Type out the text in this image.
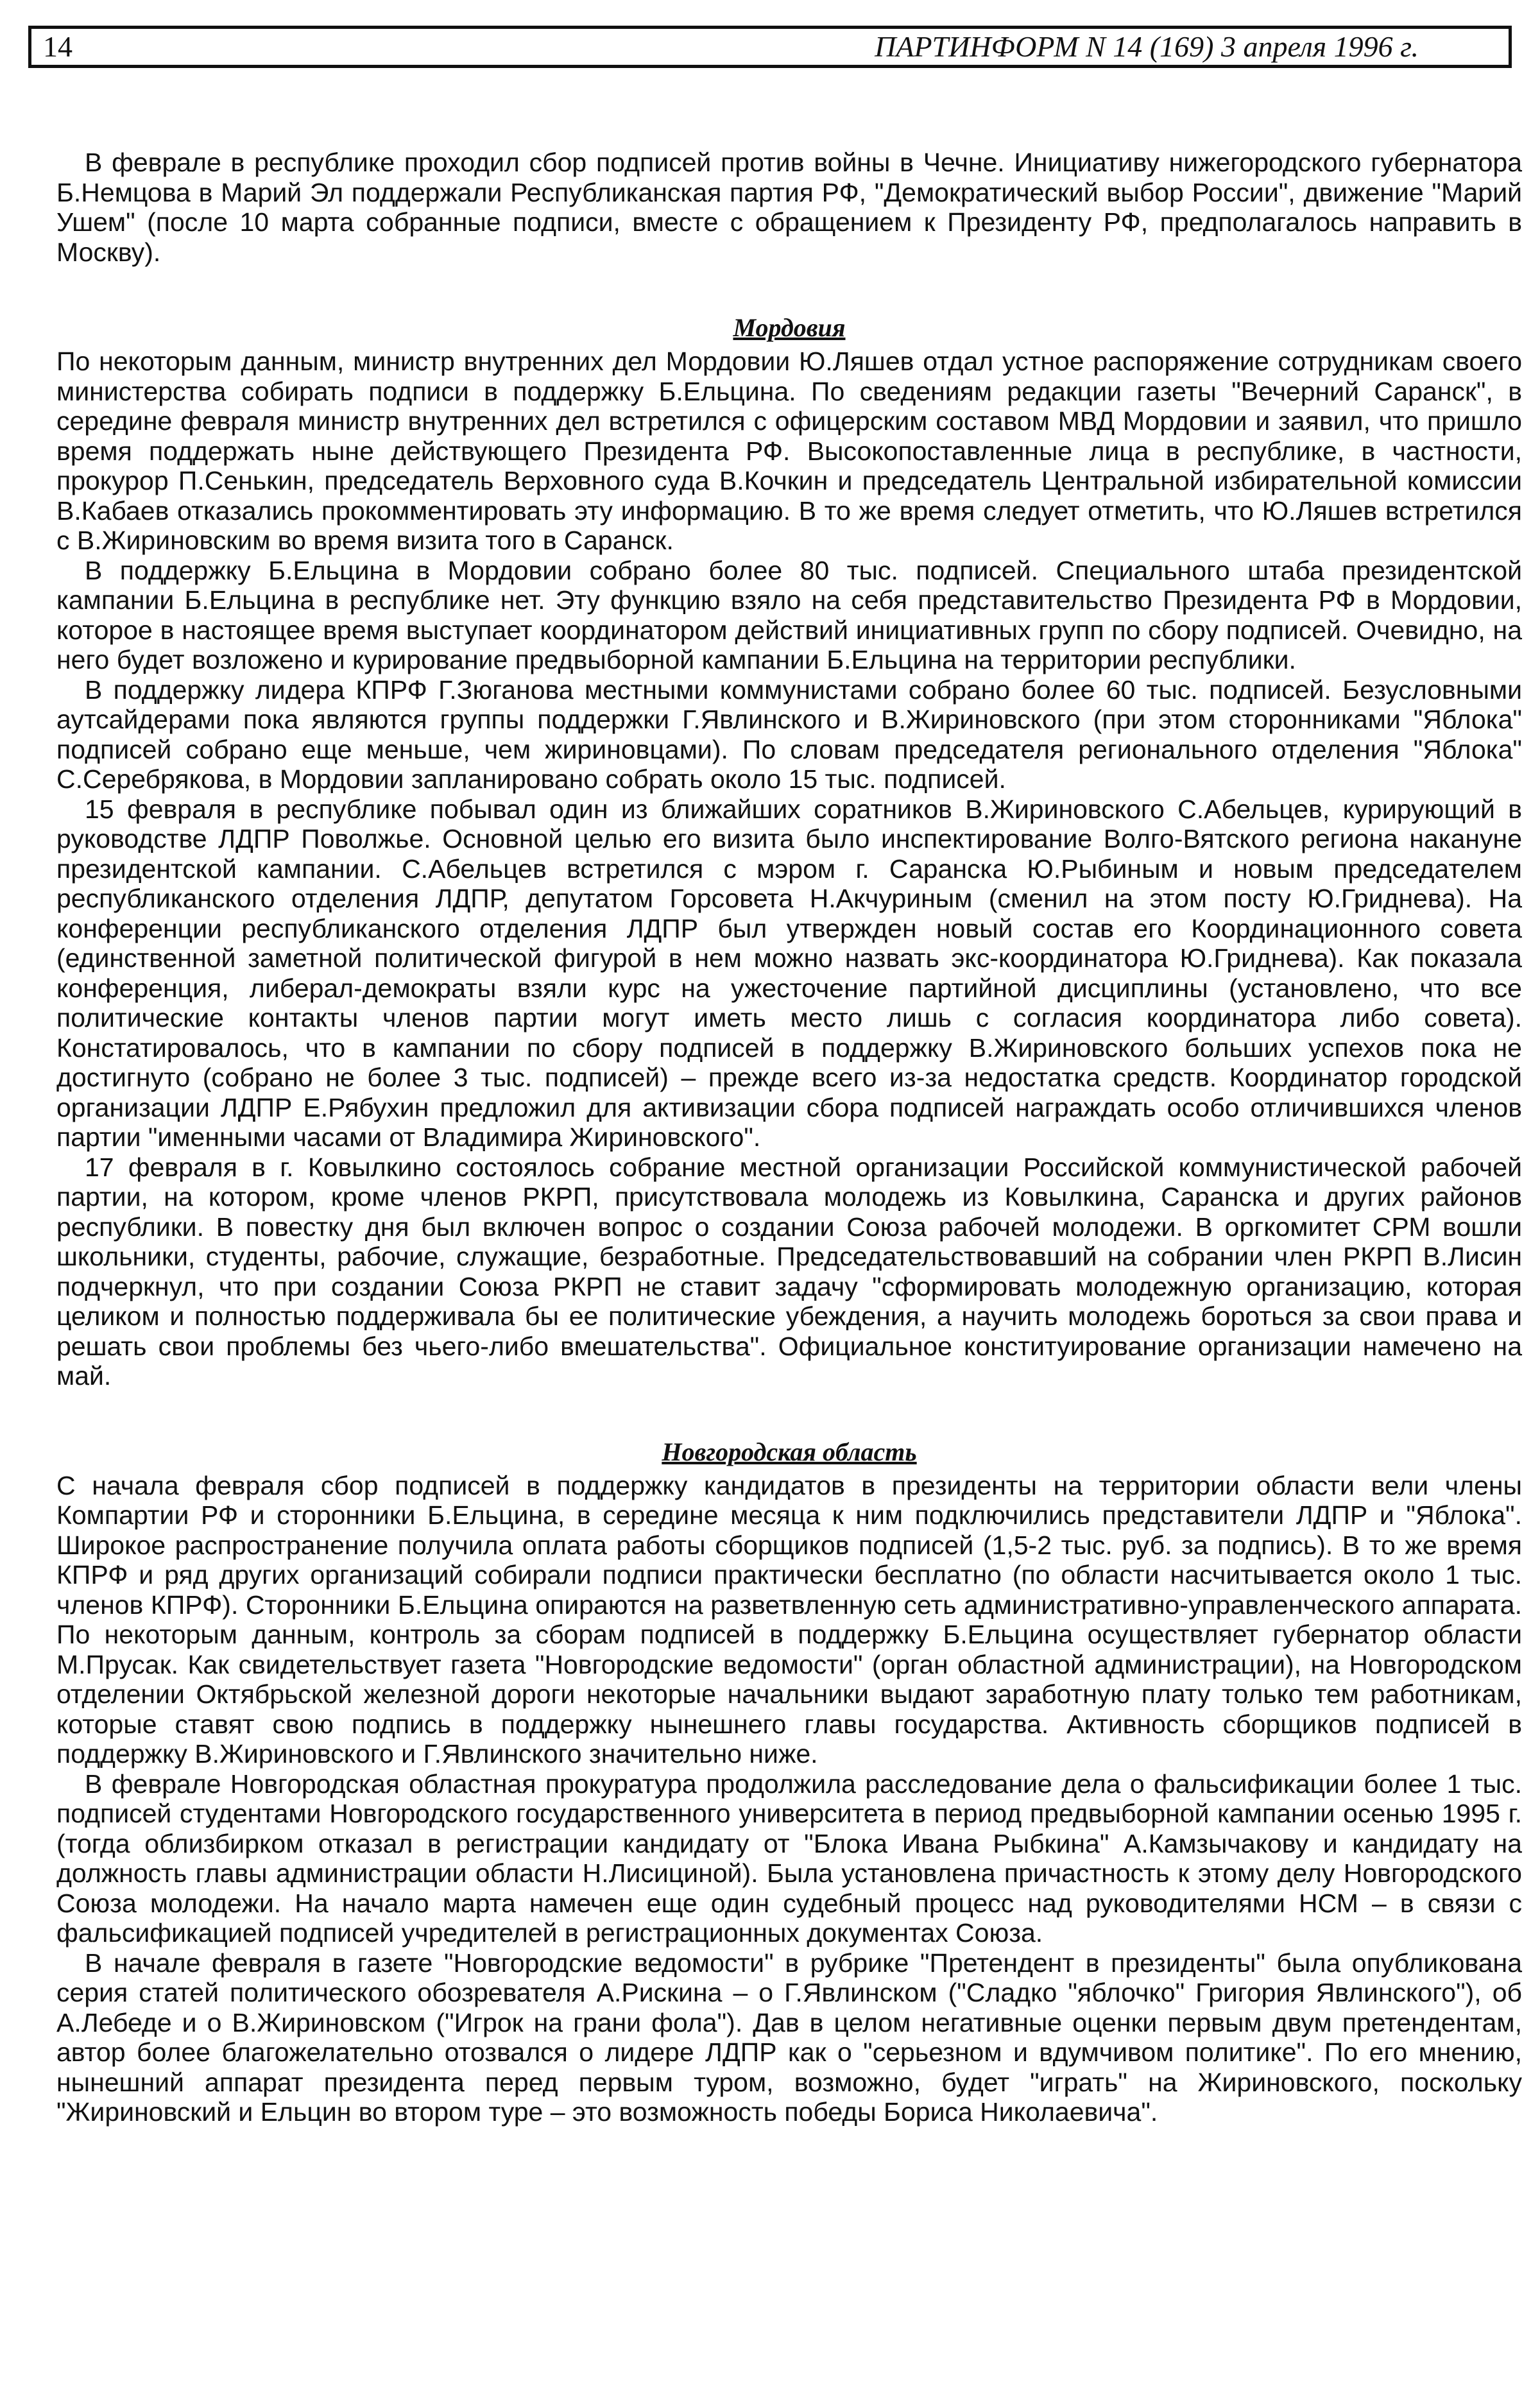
14	ПАРТИНФОРМ N 14 (169) 3 апреля 1996 г.

В феврале в республике проходил сбор подписей против войны в Чечне. Инициативу нижегородского губернатора Б.Немцова в Марий Эл поддержали Республиканская партия РФ, "Демократический выбор России", движение "Марий Ушем" (после 10 марта собранные подписи, вместе с обращением к Президенту РФ, предполагалось направить в Москву).

Мордовия

По некоторым данным, министр внутренних дел Мордовии Ю.Ляшев отдал устное распоряжение сотрудникам своего министерства собирать подписи в поддержку Б.Ельцина. По сведениям редакции газеты "Вечерний Саранск", в середине февраля министр внутренних дел встретился с офицерским составом МВД Мордовии и заявил, что пришло время поддержать ныне действующего Президента РФ. Высокопоставленные лица в республике, в частности, прокурор П.Сенькин, председатель Верховного суда В.Кочкин и председатель Центральной избирательной комиссии В.Кабаев отказались прокомментировать эту информацию. В то же время следует отметить, что Ю.Ляшев встретился с В.Жириновским во время визита того в Саранск.

В поддержку Б.Ельцина в Мордовии собрано более 80 тыс. подписей. Специального штаба президентской кампании Б.Ельцина в республике нет. Эту функцию взяло на себя представительство Президента РФ в Мордовии, которое в настоящее время выступает координатором действий инициативных групп по сбору подписей. Очевидно, на него будет возложено и курирование предвыборной кампании Б.Ельцина на территории республики.

В поддержку лидера КПРФ Г.Зюганова местными коммунистами собрано более 60 тыс. подписей. Безусловными аутсайдерами пока являются группы поддержки Г.Явлинского и В.Жириновского (при этом сторонниками "Яблока" подписей собрано еще меньше, чем жириновцами). По словам председателя регионального отделения "Яблока" С.Серебрякова, в Мордовии запланировано собрать около 15 тыс. подписей.

15 февраля в республике побывал один из ближайших соратников В.Жириновского С.Абельцев, курирующий в руководстве ЛДПР Поволжье. Основной целью его визита было инспектирование Волго-Вятского региона накануне президентской кампании. С.Абельцев встретился с мэром г. Саранска Ю.Рыбиным и новым председателем республиканского отделения ЛДПР, депутатом Горсовета Н.Акчуриным (сменил на этом посту Ю.Гриднева). На конференции республиканского отделения ЛДПР был утвержден новый состав его Координационного совета (единственной заметной политической фигурой в нем можно назвать экс-координатора Ю.Гриднева). Как показала конференция, либерал-демократы взяли курс на ужесточение партийной дисциплины (установлено, что все политические контакты членов партии могут иметь место лишь с согласия координатора либо совета). Констатировалось, что в кампании по сбору подписей в поддержку В.Жириновского больших успехов пока не достигнуто (собрано не более 3 тыс. подписей) – прежде всего из-за недостатка средств. Координатор городской организации ЛДПР Е.Рябухин предложил для активизации сбора подписей награждать особо отличившихся членов партии "именными часами от Владимира Жириновского".

17 февраля в г. Ковылкино состоялось собрание местной организации Российской коммунистической рабочей партии, на котором, кроме членов РКРП, присутствовала молодежь из Ковылкина, Саранска и других районов республики. В повестку дня был включен вопрос о создании Союза рабочей молодежи. В оргкомитет СРМ вошли школьники, студенты, рабочие, служащие, безработные. Председательствовавший на собрании член РКРП В.Лисин подчеркнул, что при создании Союза РКРП не ставит задачу "сформировать молодежную организацию, которая целиком и полностью поддерживала бы ее политические убеждения, а научить молодежь бороться за свои права и решать свои проблемы без чьего-либо вмешательства". Официальное конституирование организации намечено на май.

Новгородская область

С начала февраля сбор подписей в поддержку кандидатов в президенты на территории области вели члены Компартии РФ и сторонники Б.Ельцина, в середине месяца к ним подключились представители ЛДПР и "Яблока". Широкое распространение получила оплата работы сборщиков подписей (1,5-2 тыс. руб. за подпись). В то же время КПРФ и ряд других организаций собирали подписи практически бесплатно (по области насчитывается около 1 тыс. членов КПРФ). Сторонники Б.Ельцина опираются на разветвленную сеть административно-управленческого аппарата. По некоторым данным, контроль за сборам подписей в поддержку Б.Ельцина осуществляет губернатор области М.Прусак. Как свидетельствует газета "Новгородские ведомости" (орган областной администрации), на Новгородском отделении Октябрьской железной дороги некоторые начальники выдают заработную плату только тем работникам, которые ставят свою подпись в поддержку нынешнего главы государства. Активность сборщиков подписей в поддержку В.Жириновского и Г.Явлинского значительно ниже.

В феврале Новгородская областная прокуратура продолжила расследование дела о фальсификации более 1 тыс. подписей студентами Новгородского государственного университета в период предвыборной кампании осенью 1995 г. (тогда облизбирком отказал в регистрации кандидату от "Блока Ивана Рыбкина" А.Камзычакову и кандидату на должность главы администрации области Н.Лисициной). Была установлена причастность к этому делу Новгородского Союза молодежи. На начало марта намечен еще один судебный процесс над руководителями НСМ – в связи с фальсификацией подписей учредителей в регистрационных документах Союза.

В начале февраля в газете "Новгородские ведомости" в рубрике "Претендент в президенты" была опубликована серия статей политического обозревателя А.Рискина – о Г.Явлинском ("Сладко "яблочко" Григория Явлинского"), об А.Лебеде и о В.Жириновском ("Игрок на грани фола"). Дав в целом негативные оценки первым двум претендентам, автор более благожелательно отозвался о лидере ЛДПР как о "серьезном и вдумчивом политике". По его мнению, нынешний аппарат президента перед первым туром, возможно, будет "играть" на Жириновского, поскольку "Жириновский и Ельцин во втором туре – это возможность победы Бориса Николаевича".
